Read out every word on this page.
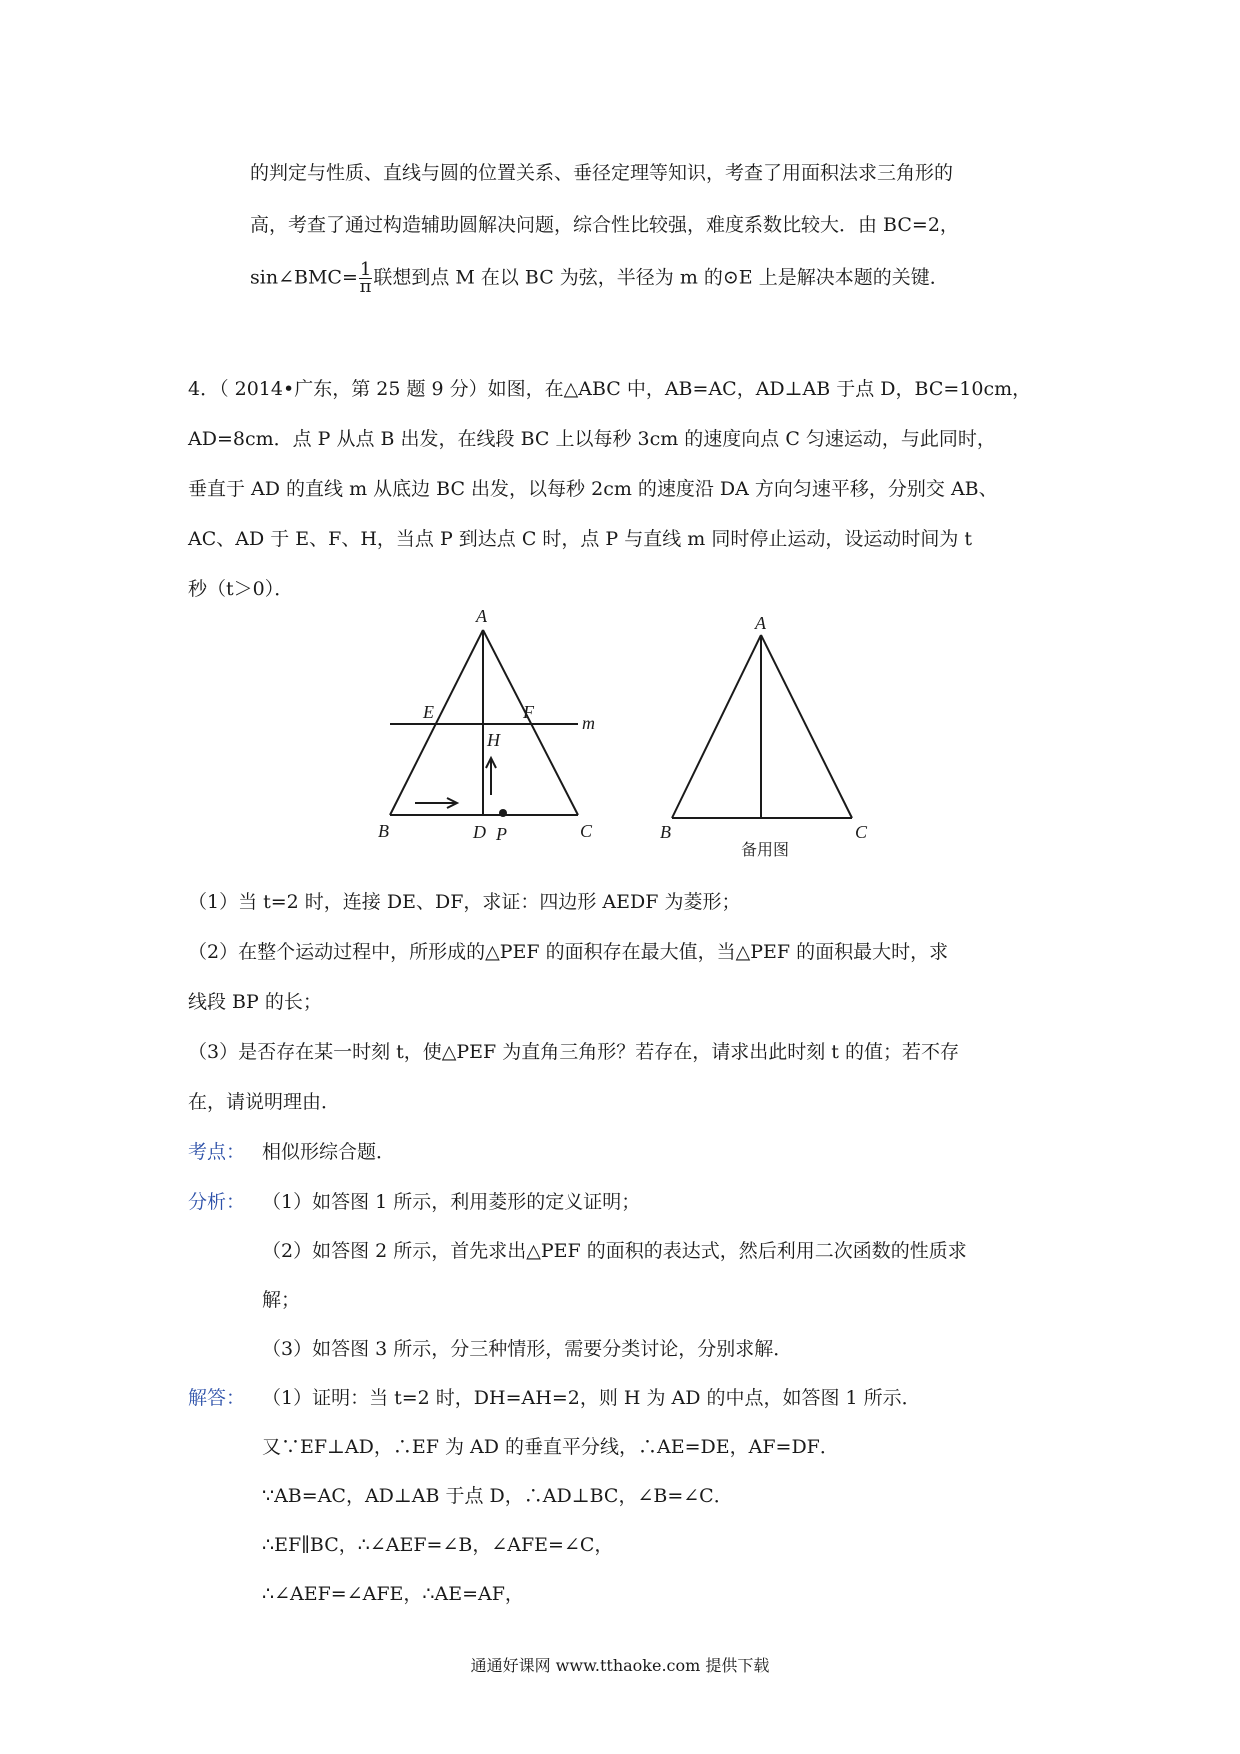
的判定与性质、直线与圆的位置关系、垂径定理等知识，考查了用面积法求三角形的
高，考查了通过构造辅助圆解决问题，综合性比较强，难度系数比较大．由 BC=2，
sin∠BMC= $\frac{1}{\pi}$ 联想到点 M 在以 BC 为弦，半径为 m 的⊙E 上是解决本题的关键．
4．（ 2014•广东，第 25 题 9 分）如图，在△ABC 中，AB=AC，AD⊥AB 于点 D，BC=10cm，
AD=8cm．点 P 从点 B 出发，在线段 BC 上以每秒 3cm 的速度向点 C 匀速运动，与此同时，
垂直于 AD 的直线 m 从底边 BC 出发，以每秒 2cm 的速度沿 DA 方向匀速平移，分别交 AB、
AC、AD 于 E、F、H，当点 P 到达点 C 时，点 P 与直线 m 同时停止运动，设运动时间为 t
秒（t＞0）．
A
B	C
D P
E	F
H
m
A
B	C
备用图
（1）当 t=2 时，连接 DE、DF，求证：四边形 AEDF 为菱形；
（2）在整个运动过程中，所形成的△PEF 的面积存在最大值，当△PEF 的面积最大时，求
线段 BP 的长；
（3）是否存在某一时刻 t，使△PEF 为直角三角形？若存在，请求出此时刻 t 的值；若不存
在，请说明理由．
考点： 相似形综合题．
分析： （1）如答图 1 所示，利用菱形的定义证明；
（2）如答图 2 所示，首先求出△PEF 的面积的表达式，然后利用二次函数的性质求
解；
（3）如答图 3 所示，分三种情形，需要分类讨论，分别求解．
解答： （1）证明：当 t=2 时，DH=AH=2，则 H 为 AD 的中点，如答图 1 所示．
又∵EF⊥AD，∴EF 为 AD 的垂直平分线，∴AE=DE，AF=DF．
∵AB=AC，AD⊥AB 于点 D，∴AD⊥BC，∠B=∠C．
∴EF∥BC，∴∠AEF=∠B，∠AFE=∠C，
∴∠AEF=∠AFE，∴AE=AF，
通通好课网 www.tthaoke.com 提供下载
